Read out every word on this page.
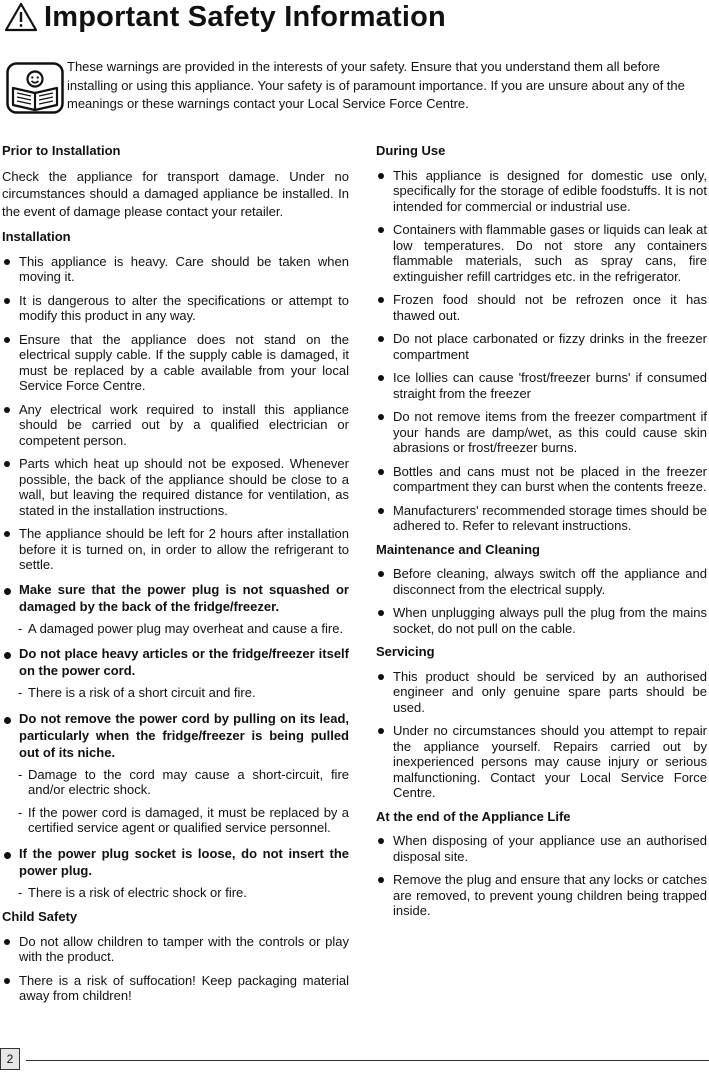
Important Safety Information

These warnings are provided in the interests of your safety. Ensure that you understand them all before installing or using this appliance. Your safety is of paramount importance. If you are unsure about any of the meanings or these warnings contact your Local Service Force Centre.

Prior to Installation
Check the appliance for transport damage. Under no circumstances should a damaged appliance be installed. In the event of damage please contact your retailer.
Installation
This appliance is heavy. Care should be taken when moving it.
It is dangerous to alter the specifications or attempt to modify this product in any way.
Ensure that the appliance does not stand on the electrical supply cable. If the supply cable is damaged, it must be replaced by a cable available from your local Service Force Centre.
Any electrical work required to install this appliance should be carried out by a qualified electrician or competent person.
Parts which heat up should not be exposed. Whenever possible, the back of the appliance should be close to a wall, but leaving the required distance for ventilation, as stated in the installation instructions.
The appliance should be left for 2 hours after installation before it is turned on, in order to allow the refrigerant to settle.
Make sure that the power plug is not squashed or damaged by the back of the fridge/freezer.
- A damaged power plug may overheat and cause a fire.
Do not place heavy articles or the fridge/freezer itself on the power cord.
- There is a risk of a short circuit and fire.
Do not remove the power cord by pulling on its lead, particularly when the fridge/freezer is being pulled out of its niche.
- Damage to the cord may cause a short-circuit, fire and/or electric shock.
- If the power cord is damaged, it must be replaced by a certified service agent or qualified service personnel.
If the power plug socket is loose, do not insert the power plug.
- There is a risk of electric shock or fire.
Child Safety
Do not allow children to tamper with the controls or play with the product.
There is a risk of suffocation! Keep packaging material away from children!
During Use
This appliance is designed for domestic use only, specifically for the storage of edible foodstuffs. It is not intended for commercial or industrial use.
Containers with flammable gases or liquids can leak at low temperatures. Do not store any containers flammable materials, such as spray cans, fire extinguisher refill cartridges etc. in the refrigerator.
Frozen food should not be refrozen once it has thawed out.
Do not place carbonated or fizzy drinks in the freezer compartment
Ice lollies can cause 'frost/freezer burns' if consumed straight from the freezer
Do not remove items from the freezer compartment if your hands are damp/wet, as this could cause skin abrasions or frost/freezer burns.
Bottles and cans must not be placed in the freezer compartment they can burst when the contents freeze.
Manufacturers' recommended storage times should be adhered to. Refer to relevant instructions.
Maintenance and Cleaning
Before cleaning, always switch off the appliance and disconnect from the electrical supply.
When unplugging always pull the plug from the mains socket, do not pull on the cable.
Servicing
This product should be serviced by an authorised engineer and only genuine spare parts should be used.
Under no circumstances should you attempt to repair the appliance yourself. Repairs carried out by inexperienced persons may cause injury or serious malfunctioning. Contact your Local Service Force Centre.
At the end of the Appliance Life
When disposing of your appliance use an authorised disposal site.
Remove the plug and ensure that any locks or catches are removed, to prevent young children being trapped inside.
2
